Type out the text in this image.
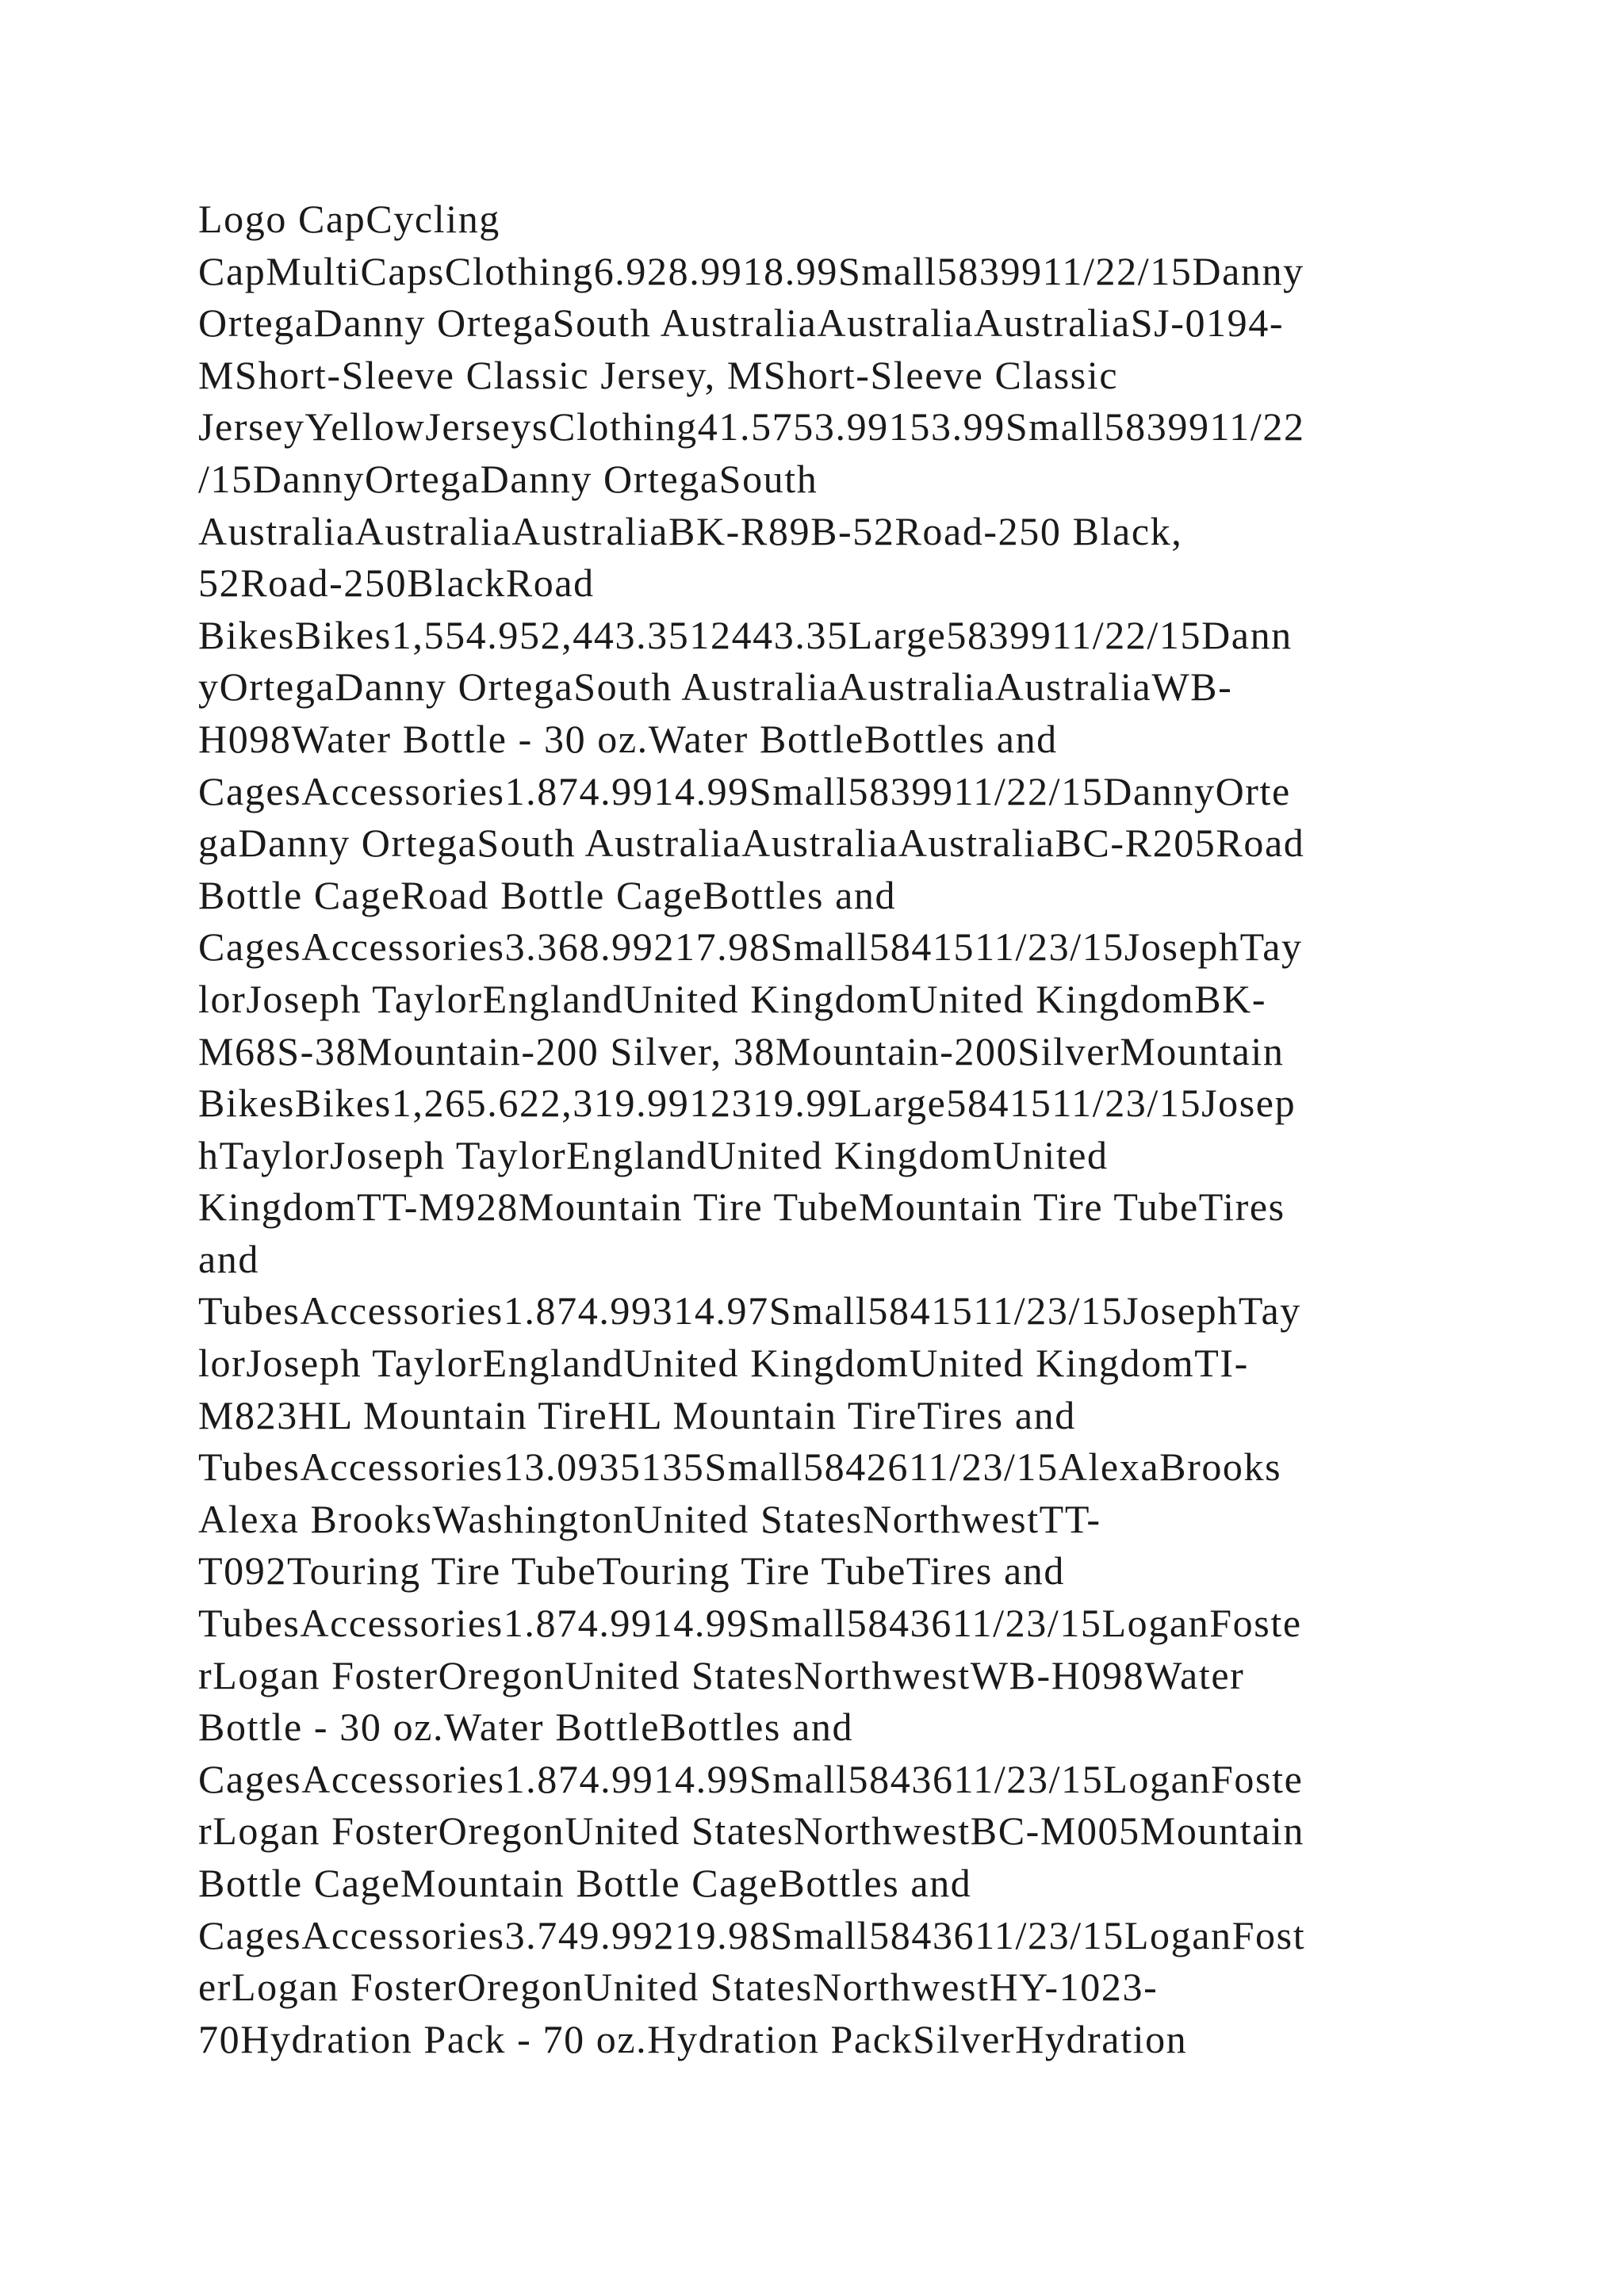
Logo CapCycling
CapMultiCapsClothing6.928.9918.99Small5839911/22/15Danny
OrtegaDanny OrtegaSouth AustraliaAustraliaAustraliaSJ-0194-
MShort-Sleeve Classic Jersey, MShort-Sleeve Classic
JerseyYellowJerseysClothing41.5753.99153.99Small5839911/22
/15DannyOrtegaDanny OrtegaSouth
AustraliaAustraliaAustraliaBK-R89B-52Road-250 Black,
52Road-250BlackRoad
BikesBikes1,554.952,443.3512443.35Large5839911/22/15Dann
yOrtegaDanny OrtegaSouth AustraliaAustraliaAustraliaWB-
H098Water Bottle - 30 oz.Water BottleBottles and
CagesAccessories1.874.9914.99Small5839911/22/15DannyOrte
gaDanny OrtegaSouth AustraliaAustraliaAustraliaBC-R205Road
Bottle CageRoad Bottle CageBottles and
CagesAccessories3.368.99217.98Small5841511/23/15JosephTay
lorJoseph TaylorEnglandUnited KingdomUnited KingdomBK-
M68S-38Mountain-200 Silver, 38Mountain-200SilverMountain
BikesBikes1,265.622,319.9912319.99Large5841511/23/15Josep
hTaylorJoseph TaylorEnglandUnited KingdomUnited
KingdomTT-M928Mountain Tire TubeMountain Tire TubeTires
and
TubesAccessories1.874.99314.97Small5841511/23/15JosephTay
lorJoseph TaylorEnglandUnited KingdomUnited KingdomTI-
M823HL Mountain TireHL Mountain TireTires and
TubesAccessories13.0935135Small5842611/23/15AlexaBrooks
Alexa BrooksWashingtonUnited StatesNorthwestTT-
T092Touring Tire TubeTouring Tire TubeTires and
TubesAccessories1.874.9914.99Small5843611/23/15LoganFoste
rLogan FosterOregonUnited StatesNorthwestWB-H098Water
Bottle - 30 oz.Water BottleBottles and
CagesAccessories1.874.9914.99Small5843611/23/15LoganFoste
rLogan FosterOregonUnited StatesNorthwestBC-M005Mountain
Bottle CageMountain Bottle CageBottles and
CagesAccessories3.749.99219.98Small5843611/23/15LoganFost
erLogan FosterOregonUnited StatesNorthwestHY-1023-
70Hydration Pack - 70 oz.Hydration PackSilverHydration
